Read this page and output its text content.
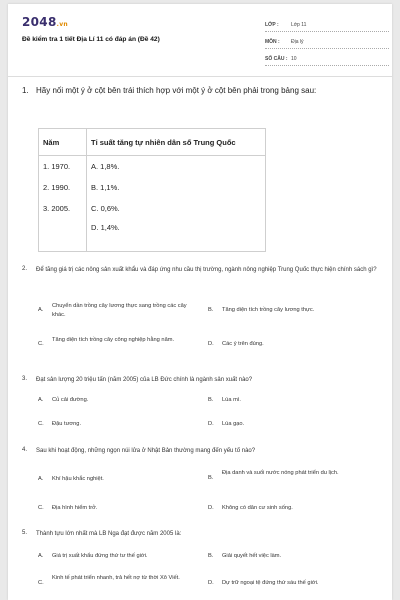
2048.vn
Đề kiểm tra 1 tiết Địa Lí 11 có đáp án (Đề 42)
LỚP :	Lớp 11
MÔN :	Địa lý
SỐ CÂU : 10
1. Hãy nối một ý ở cột bên trái thích hợp với một ý ở cột bên phải trong bảng sau:
Năm	Tỉ suất tăng tự nhiên dân số Trung Quốc
1. 1970.	A. 1,8%.
2. 1990.	B. 1,1%.
3. 2005.	C. 0,6%.
	D. 1,4%.
2. Để tăng giá trị các nông sản xuất khẩu và đáp ứng nhu cầu thị trường, ngành nông nghiệp Trung Quốc thực hiện chính sách gì?
A.
Chuyển dần trồng cây lương thực sang trồng các cây khác.
B.	Tăng diện tích trồng cây lương thực.
C.
Tăng diện tích trồng cây công nghiệp hằng năm.
D.	Các ý trên đúng.
3. Đạt sản lượng 20 triệu tấn (năm 2005) của LB Đức chính là ngành sản xuất nào?
A.	Củ cải đường.	B.	Lúa mì.
C.	Đậu tương.	D.	Lúa gạo.
4. Sau khi hoạt động, những ngọn núi lửa ở Nhật Bản thường mang đến yếu tố nào?
A.	Khí hậu khắc nghiệt.	B.
Địa danh và suối nước nóng phát triển du lịch.
C.	Địa hình hiểm trở.	D.	Không có dân cư sinh sống.
5. Thành tựu lớn nhất mà LB Nga đạt được năm 2005 là:
A.	Giá trị xuất khẩu đứng thứ tư thế giới.	B.	Giải quyết hết việc làm.
C.
Kinh tế phát triển nhanh, trả hết nợ từ thời Xô Viết.
D.	Dự trữ ngoại tệ đứng thứ sáu thế giới.
